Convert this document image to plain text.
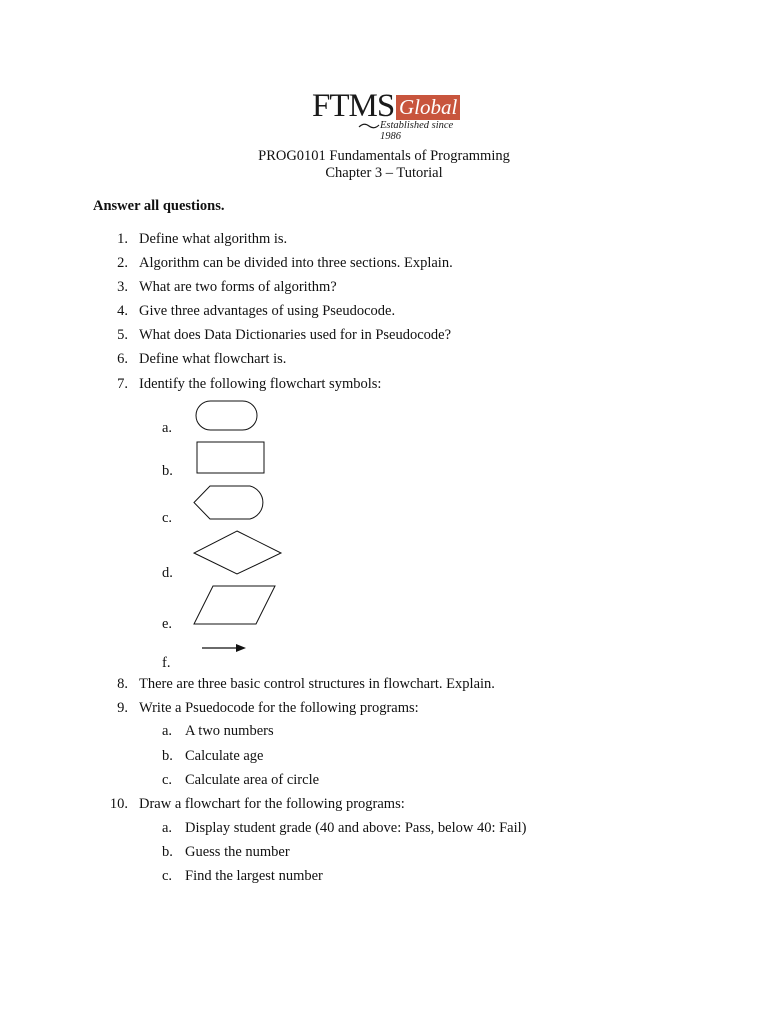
FTMS Global
Established since 1986
PROG0101 Fundamentals of Programming
Chapter 3 – Tutorial
Answer all questions.
1. Define what algorithm is.
2. Algorithm can be divided into three sections. Explain.
3. What are two forms of algorithm?
4. Give three advantages of using Pseudocode.
5. What does Data Dictionaries used for in Pseudocode?
6. Define what flowchart is.
7. Identify the following flowchart symbols:
a.
b.
c.
d.
e.
f.
8. There are three basic control structures in flowchart. Explain.
9. Write a Psuedocode for the following programs:
a. A two numbers
b. Calculate age
c. Calculate area of circle
10. Draw a flowchart for the following programs:
a. Display student grade (40 and above: Pass, below 40: Fail)
b. Guess the number
c. Find the largest number
